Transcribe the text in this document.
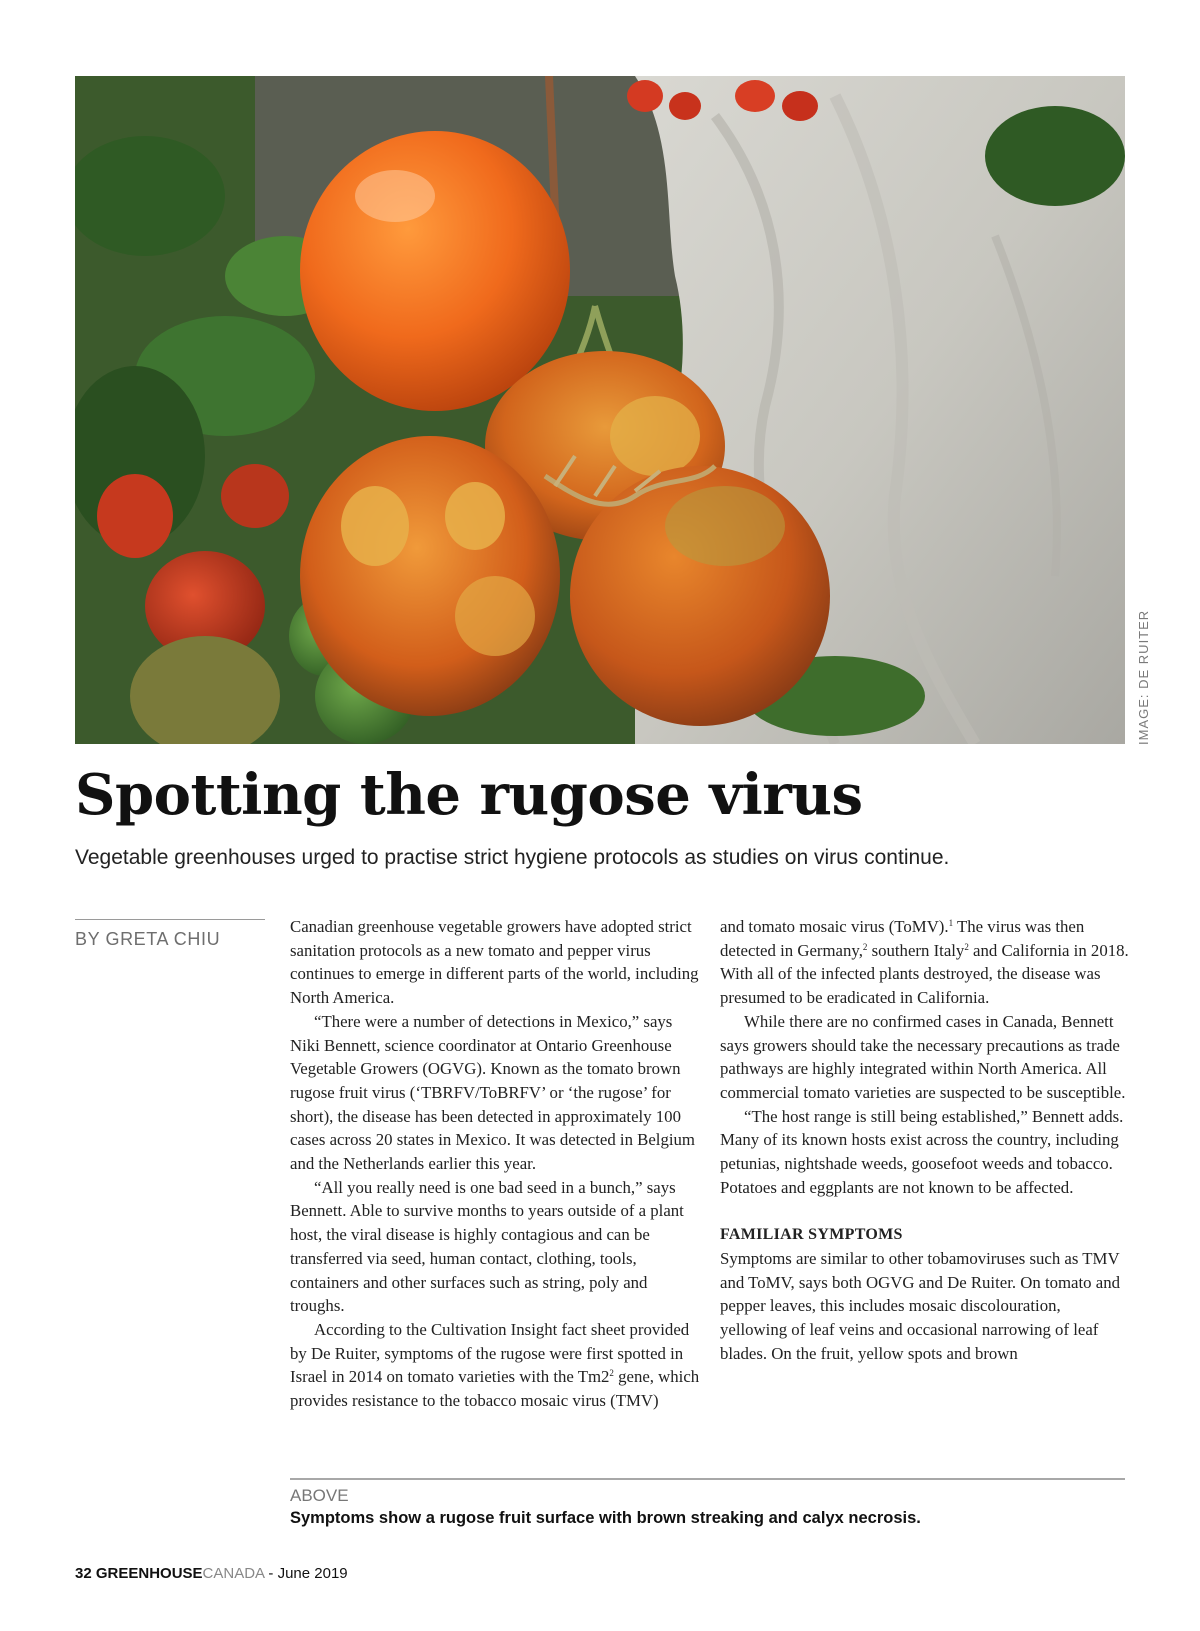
IMAGE: DE RUITER
Spotting the rugose virus

Vegetable greenhouses urged to practise strict hygiene protocols as studies on virus continue.

BY GRETA CHIU

Canadian greenhouse vegetable growers have adopted strict sanitation protocols as a new tomato and pepper virus continues to emerge in different parts of the world, including North America.

“There were a number of detections in Mexico,” says Niki Bennett, science coordinator at Ontario Greenhouse Vegetable Growers (OGVG). Known as the tomato brown rugose fruit virus (‘TBRFV/ToBRFV’ or ‘the rugose’ for short), the disease has been detected in approximately 100 cases across 20 states in Mexico. It was detected in Belgium and the Netherlands earlier this year.

“All you really need is one bad seed in a bunch,” says Bennett. Able to survive months to years outside of a plant host, the viral disease is highly contagious and can be transferred via seed, human contact, clothing, tools, containers and other surfaces such as string, poly and troughs.

According to the Cultivation Insight fact sheet provided by De Ruiter, symptoms of the rugose were first spotted in Israel in 2014 on tomato varieties with the $Tm2^2$ gene, which provides resistance to the tobacco mosaic virus (TMV)

and tomato mosaic virus (ToMV).$^1$ The virus was then detected in Germany,$^2$ southern Italy$^2$ and California in 2018. With all of the infected plants destroyed, the disease was presumed to be eradicated in California.

While there are no confirmed cases in Canada, Bennett says growers should take the necessary precautions as trade pathways are highly integrated within North America. All commercial tomato varieties are suspected to be susceptible.

“The host range is still being established,” Bennett adds. Many of its known hosts exist across the country, including petunias, nightshade weeds, goosefoot weeds and tobacco. Potatoes and eggplants are not known to be affected.

FAMILIAR SYMPTOMS

Symptoms are similar to other tobamoviruses such as TMV and ToMV, says both OGVG and De Ruiter. On tomato and pepper leaves, this includes mosaic discolouration, yellowing of leaf veins and occasional narrowing of leaf blades. On the fruit, yellow spots and brown

ABOVE
Symptoms show a rugose fruit surface with brown streaking and calyx necrosis.
32 GREENHOUSECANADA - June 2019
